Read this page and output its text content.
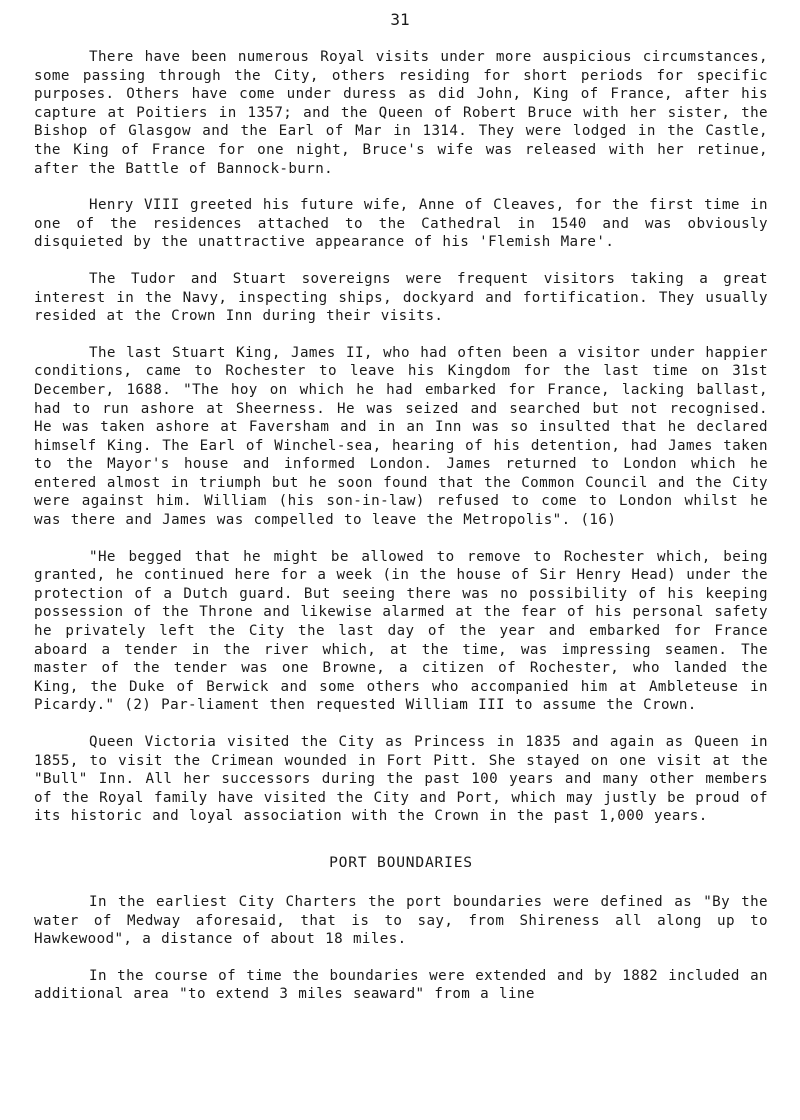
31

There have been numerous Royal visits under more auspicious circumstances, some passing through the City, others residing for short periods for specific purposes. Others have come under duress as did John, King of France, after his capture at Poitiers in 1357; and the Queen of Robert Bruce with her sister, the Bishop of Glasgow and the Earl of Mar in 1314. They were lodged in the Castle, the King of France for one night, Bruce's wife was released with her retinue, after the Battle of Bannock-burn.

Henry VIII greeted his future wife, Anne of Cleaves, for the first time in one of the residences attached to the Cathedral in 1540 and was obviously disquieted by the unattractive appearance of his 'Flemish Mare'.

The Tudor and Stuart sovereigns were frequent visitors taking a great interest in the Navy, inspecting ships, dockyard and fortification. They usually resided at the Crown Inn during their visits.

The last Stuart King, James II, who had often been a visitor under happier conditions, came to Rochester to leave his Kingdom for the last time on 31st December, 1688. "The hoy on which he had embarked for France, lacking ballast, had to run ashore at Sheerness. He was seized and searched but not recognised. He was taken ashore at Faversham and in an Inn was so insulted that he declared himself King. The Earl of Winchel-sea, hearing of his detention, had James taken to the Mayor's house and informed London. James returned to London which he entered almost in triumph but he soon found that the Common Council and the City were against him. William (his son-in-law) refused to come to London whilst he was there and James was compelled to leave the Metropolis". (16)

"He begged that he might be allowed to remove to Rochester which, being granted, he continued here for a week (in the house of Sir Henry Head) under the protection of a Dutch guard. But seeing there was no possibility of his keeping possession of the Throne and likewise alarmed at the fear of his personal safety he privately left the City the last day of the year and embarked for France aboard a tender in the river which, at the time, was impressing seamen. The master of the tender was one Browne, a citizen of Rochester, who landed the King, the Duke of Berwick and some others who accompanied him at Ambleteuse in Picardy." (2) Par-liament then requested William III to assume the Crown.

Queen Victoria visited the City as Princess in 1835 and again as Queen in 1855, to visit the Crimean wounded in Fort Pitt. She stayed on one visit at the "Bull" Inn. All her successors during the past 100 years and many other members of the Royal family have visited the City and Port, which may justly be proud of its historic and loyal association with the Crown in the past 1,000 years.

PORT BOUNDARIES

In the earliest City Charters the port boundaries were defined as "By the water of Medway aforesaid, that is to say, from Shireness all along up to Hawkewood", a distance of about 18 miles.

In the course of time the boundaries were extended and by 1882 included an additional area "to extend 3 miles seaward" from a line
